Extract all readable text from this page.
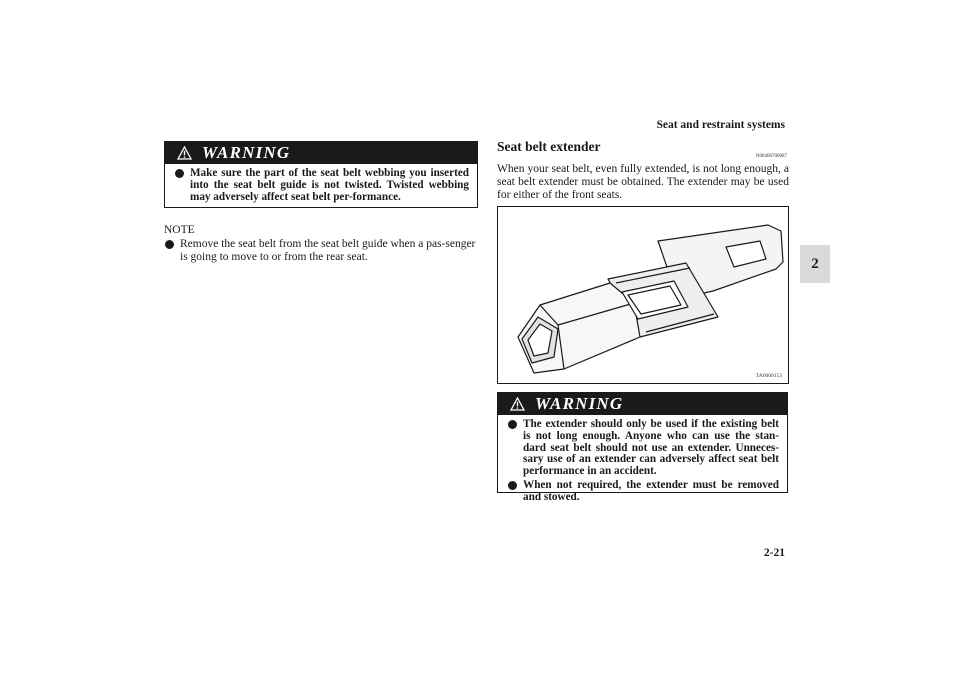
Seat and restraint systems
2
WARNING
Make sure the part of the seat belt webbing you inserted into the seat belt guide is not twisted. Twisted webbing may adversely affect seat belt per-formance.
NOTE
Remove the seat belt from the seat belt guide when a pas-senger is going to move to or from the rear seat.
Seat belt extender
N00406700087
When your seat belt, even fully extended, is not long enough, a seat belt extender must be obtained. The extender may be used for either of the front seats.
TA0000153
WARNING
The extender should only be used if the existing belt is not long enough. Anyone who can use the stan-dard seat belt should not use an extender. Unneces-sary use of an extender can adversely affect seat belt performance in an accident.
When not required, the extender must be removed and stowed.
2-21
